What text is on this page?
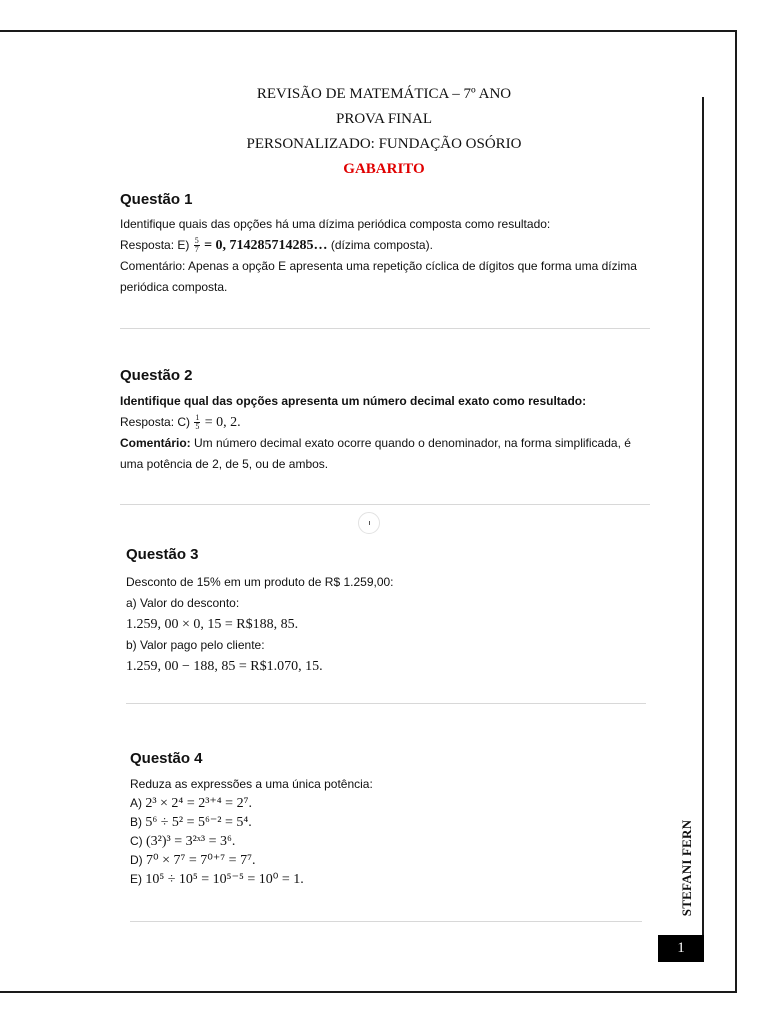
STEFANI FERN
1
REVISÃO DE MATEMÁTICA – 7º ANO
PROVA FINAL
PERSONALIZADO: FUNDAÇÃO OSÓRIO
GABARITO
Questão 1
Identifique quais das opções há uma dízima periódica composta como resultado:
Resposta: $E) \frac{5}{7} = 0$, 714285714285… (dízima composta).
Comentário: Apenas a opção E apresenta uma repetição cíclica de dígitos que forma uma dízima
periódica composta.
Questão 2
Identifique qual das opções apresenta um número decimal exato como resultado:
Resposta: $C) \frac{1}{5} = 0$, 2.
Comentário: Um número decimal exato ocorre quando o denominador, na forma simplificada, é
uma potência de 2, de 5, ou de ambos.
Questão 3
Desconto de 15% em um produto de R$ 1.259,00:
a) Valor do desconto:
1.259, 00 × 0, 15 = R$188, 85.
b) Valor pago pelo cliente:
1.259, 00 − 188, 85 = R$1.070, 15.
Questão 4
Reduza as expressões a uma única potência:
A) 2³ × 2⁴ = 2³⁺⁴ = 2⁷.
B) 5⁶ ÷ 5² = 5⁶⁻² = 5⁴.
C) (3²)³ = 3²ˣ³ = 3⁶.
D) 7⁰ × 7⁷ = 7⁰⁺⁷ = 7⁷.
E) 10⁵ ÷ 10⁵ = 10⁵⁻⁵ = 10⁰ = 1.
